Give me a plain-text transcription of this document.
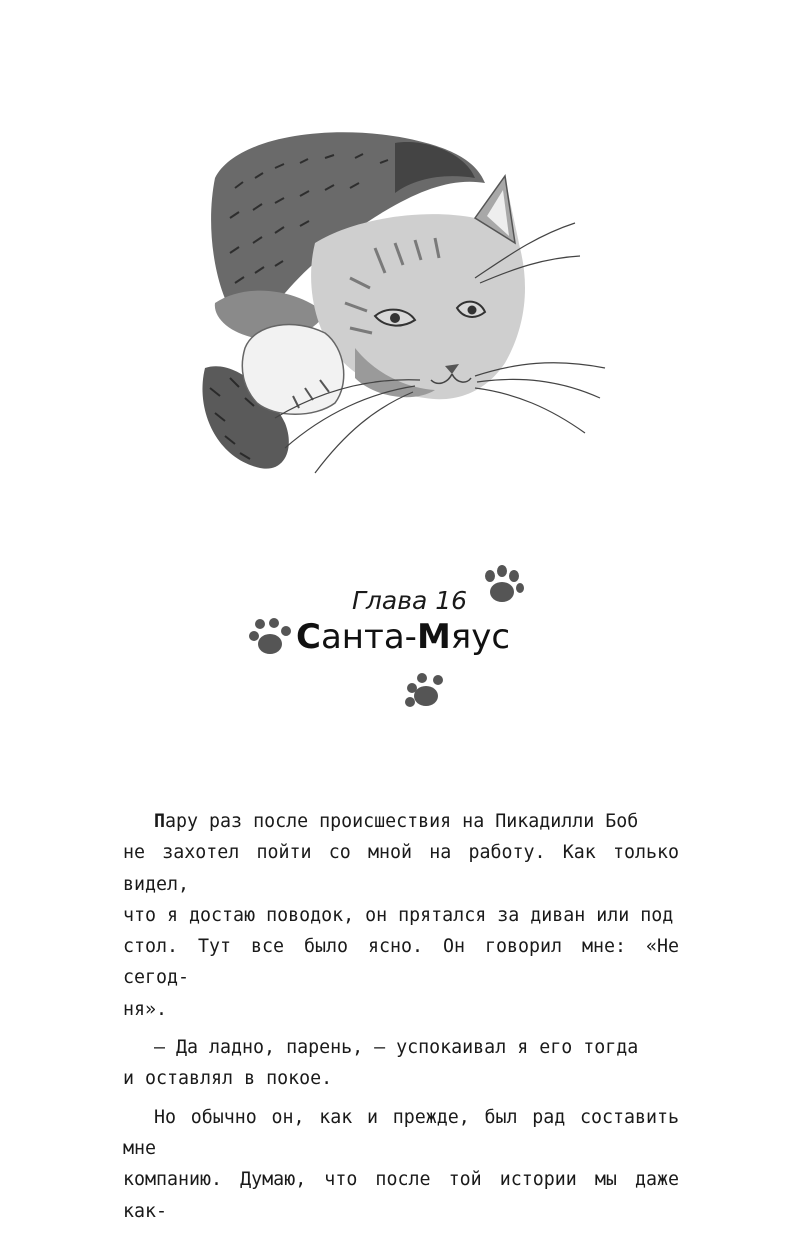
Глава 16
Санта-Мяус

Пару раз после происшествия на Пикадилли Боб
не захотел пойти со мной на работу. Как только видел,
что я достаю поводок, он прятался за диван или под
стол. Тут все было ясно. Он говорил мне: «Не сегод-
ня».

— Да ладно, парень, — успокаивал я его тогда
и оставлял в покое.

Но обычно он, как и прежде, был рад составить мне
компанию. Думаю, что после той истории мы даже как-
